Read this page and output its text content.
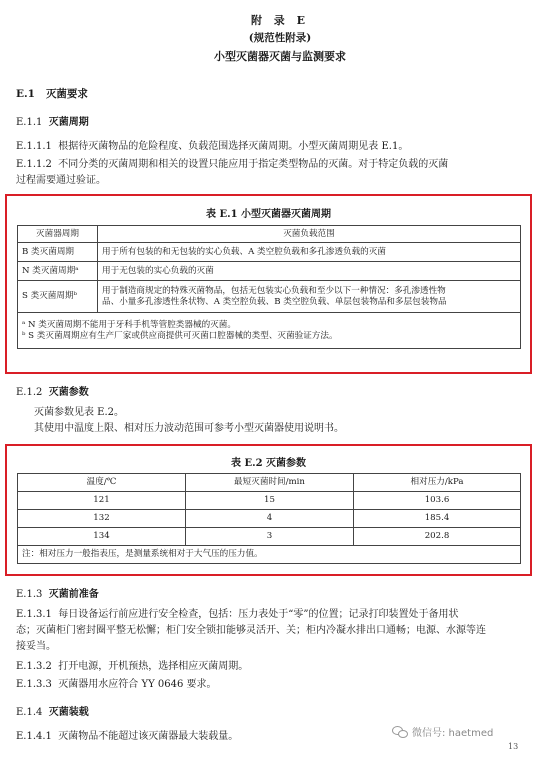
附 录 E
(规范性附录)
小型灭菌器灭菌与监测要求
E.1 灭菌要求
E.1.1 灭菌周期
E.1.1.1 根据待灭菌物品的危险程度、负载范围选择灭菌周期。小型灭菌周期见表 E.1。
E.1.1.2 不同分类的灭菌周期和相关的设置只能应用于指定类型物品的灭菌。对于特定负载的灭菌
过程需要通过验证。
表 E.1 小型灭菌器灭菌周期
灭菌器周期	灭菌负载范围
B 类灭菌周期	用于所有包装的和无包装的实心负载、A 类空腔负载和多孔渗透负载的灭菌
N 类灭菌周期ᵃ	用于无包装的实心负载的灭菌
S 类灭菌周期ᵇ	用于制造商规定的特殊灭菌物品，包括无包装实心负载和至少以下一种情况：多孔渗透性物
品、小量多孔渗透性条状物、A 类空腔负载、B 类空腔负载、单层包装物品和多层包装物品

ᵃ N 类灭菌周期不能用于牙科手机等管腔类器械的灭菌。
ᵇ S 类灭菌周期应有生产厂家或供应商提供可灭菌口腔器械的类型、灭菌验证方法。	
E.1.2 灭菌参数
灭菌参数见表 E.2。
其使用中温度上限、相对压力波动范围可参考小型灭菌器使用说明书。
表 E.2 灭菌参数
温度/℃	最短灭菌时间/min	相对压力/kPa
121	15	103.6
132	4	185.4
134	3	202.8
注：相对压力一般指表压，是测量系统相对于大气压的压力值。		
E.1.3 灭菌前准备
E.1.3.1 每日设备运行前应进行安全检查，包括：压力表处于“零”的位置；记录打印装置处于备用状
态；灭菌柜门密封圈平整无松懈；柜门安全锁扣能够灵活开、关；柜内冷凝水排出口通畅；电源、水源等连
接妥当。
E.1.3.2 打开电源，开机预热，选择相应灭菌周期。
E.1.3.3 灭菌器用水应符合 YY 0646 要求。
E.1.4 灭菌装载
E.1.4.1 灭菌物品不能超过该灭菌器最大装载量。	微信号: haetmed
13
